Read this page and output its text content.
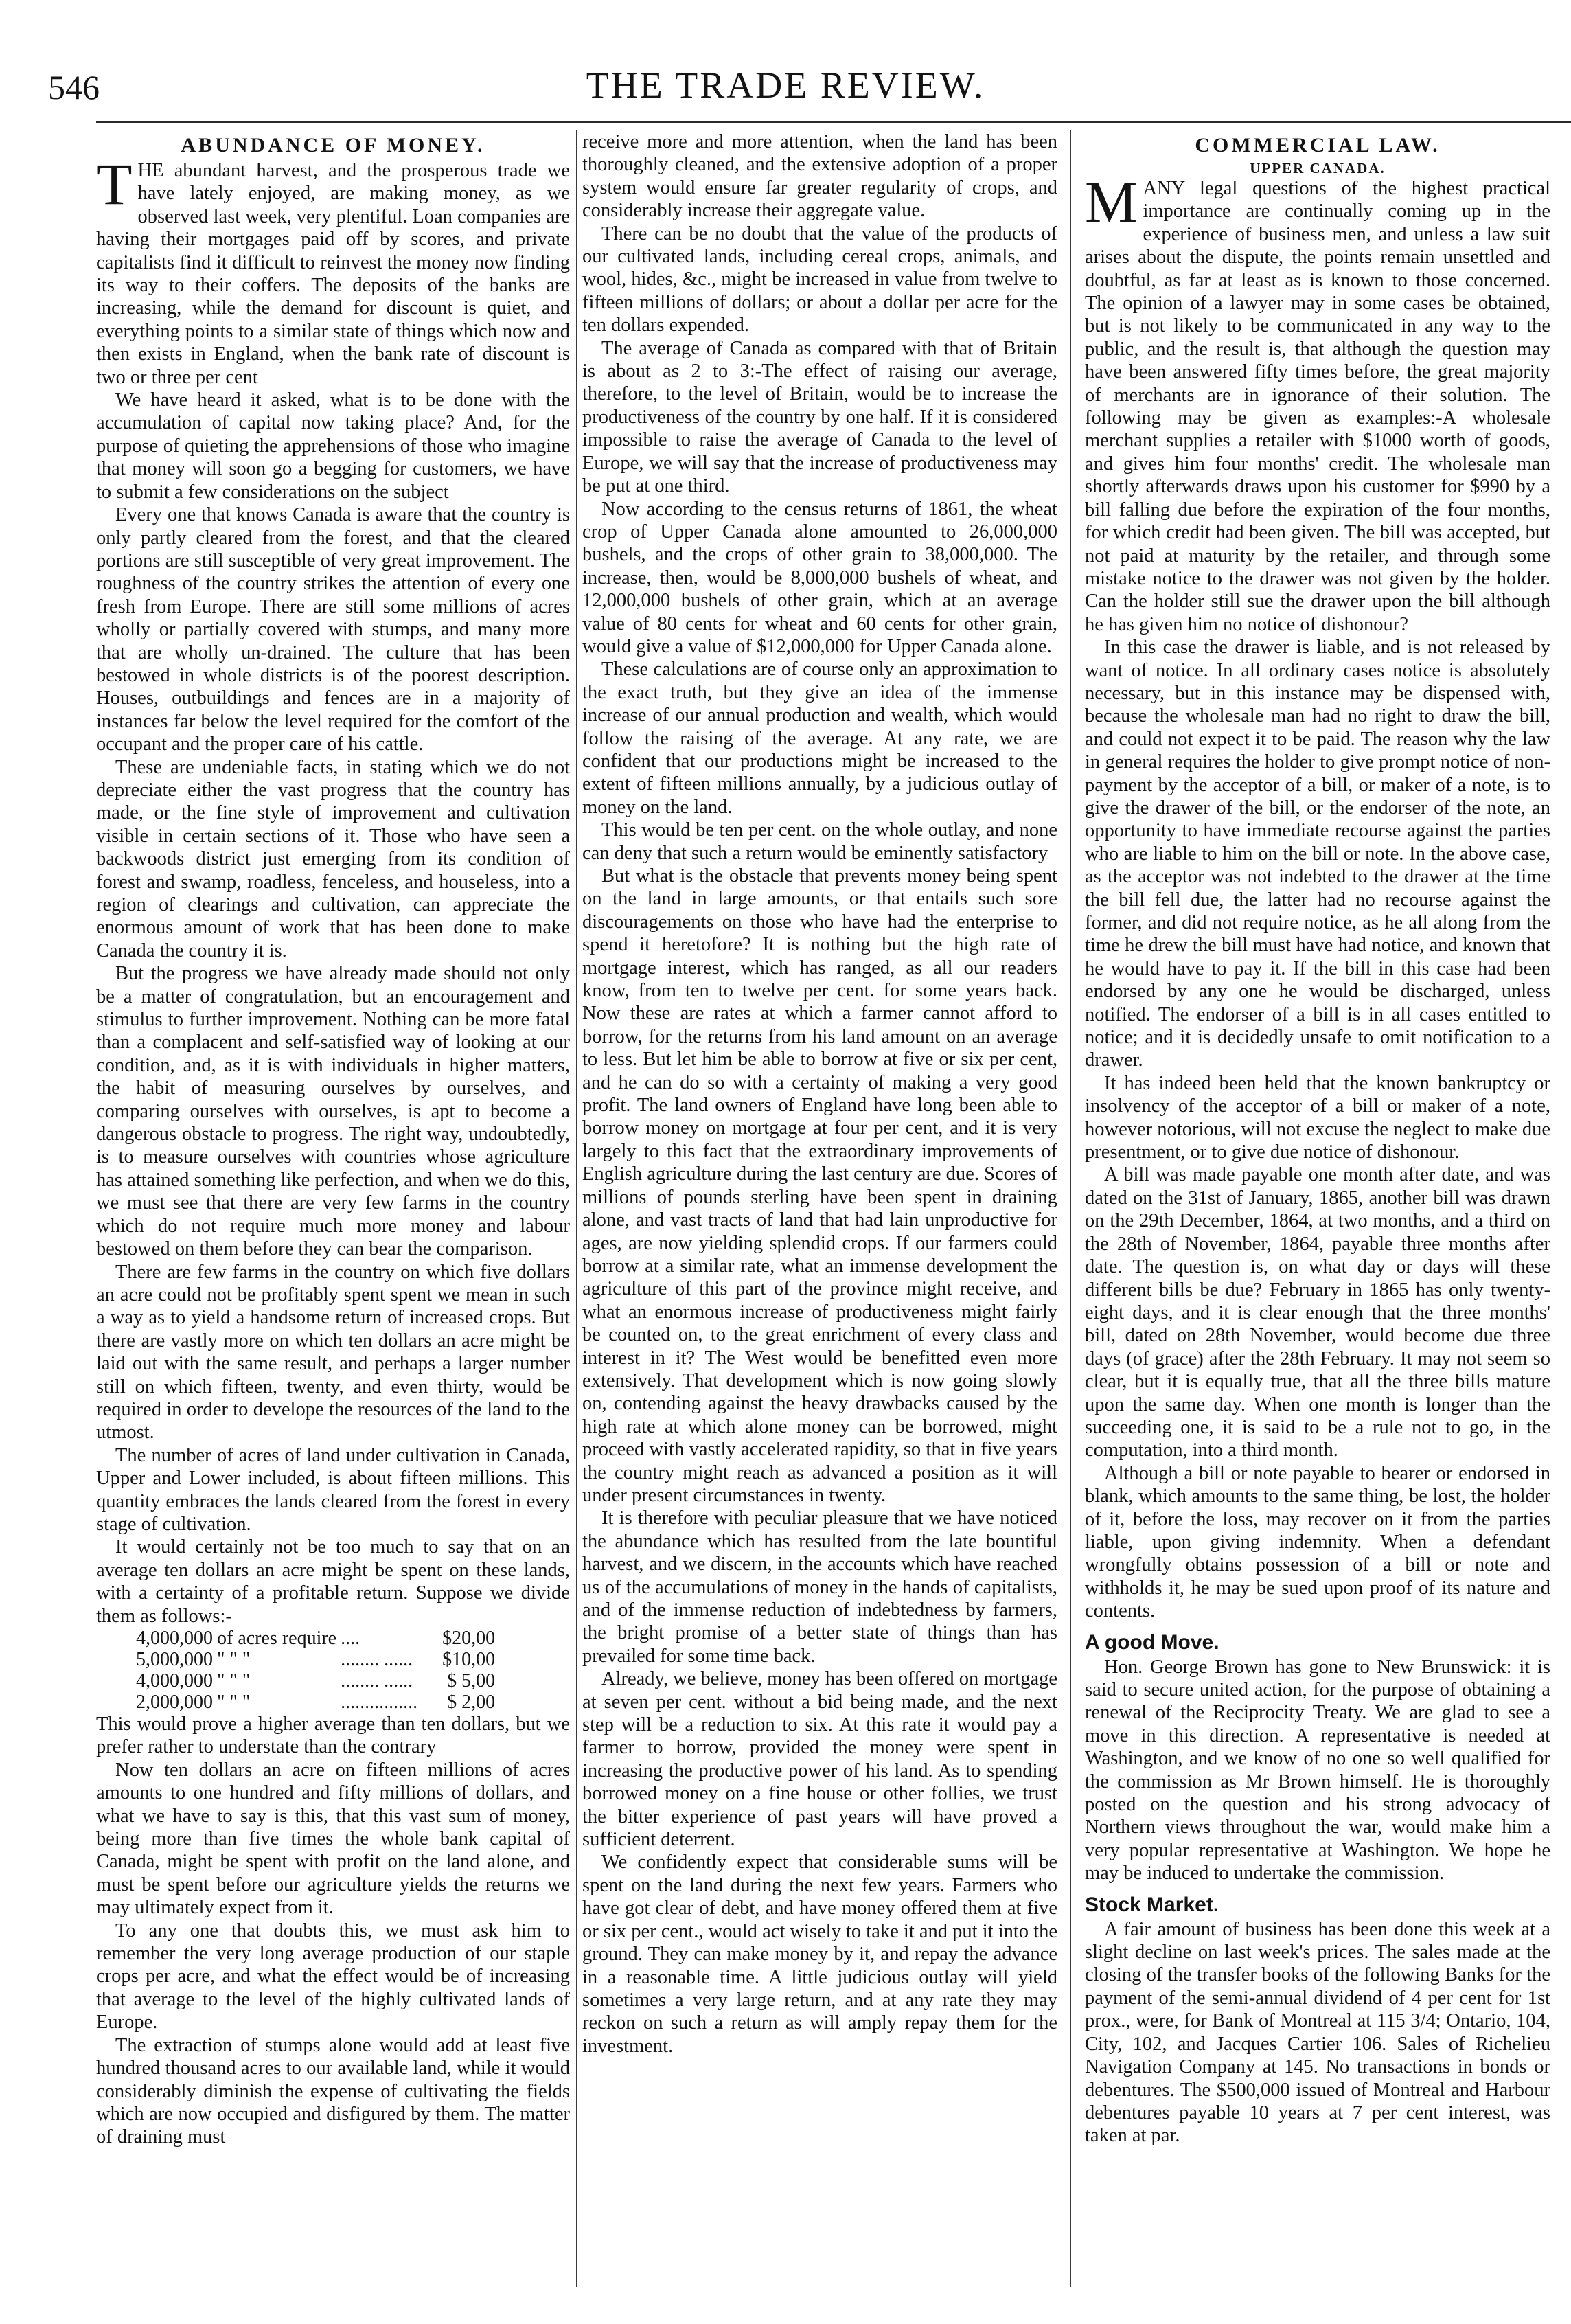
546	THE TRADE REVIEW.
ABUNDANCE OF MONEY.

THE abundant harvest, and the prosperous trade we have lately enjoyed, are making money, as we observed last week, very plentiful. Loan companies are having their mortgages paid off by scores, and private capitalists find it difficult to reinvest the money now finding its way to their coffers. The deposits of the banks are increasing, while the demand for discount is quiet, and everything points to a similar state of things which now and then exists in England, when the bank rate of discount is two or three per cent

We have heard it asked, what is to be done with the accumulation of capital now taking place? And, for the purpose of quieting the apprehensions of those who imagine that money will soon go a begging for customers, we have to submit a few considerations on the subject

Every one that knows Canada is aware that the country is only partly cleared from the forest, and that the cleared portions are still susceptible of very great improvement. The roughness of the country strikes the attention of every one fresh from Europe. There are still some millions of acres wholly or partially covered with stumps, and many more that are wholly un-drained. The culture that has been bestowed in whole districts is of the poorest description. Houses, outbuildings and fences are in a majority of instances far below the level required for the comfort of the occupant and the proper care of his cattle.

These are undeniable facts, in stating which we do not depreciate either the vast progress that the country has made, or the fine style of improvement and cultivation visible in certain sections of it. Those who have seen a backwoods district just emerging from its condition of forest and swamp, roadless, fenceless, and houseless, into a region of clearings and cultivation, can appreciate the enormous amount of work that has been done to make Canada the country it is.

But the progress we have already made should not only be a matter of congratulation, but an encouragement and stimulus to further improvement. Nothing can be more fatal than a complacent and self-satisfied way of looking at our condition, and, as it is with individuals in higher matters, the habit of measuring ourselves by ourselves, and comparing ourselves with ourselves, is apt to become a dangerous obstacle to progress. The right way, undoubtedly, is to measure ourselves with countries whose agriculture has attained something like perfection, and when we do this, we must see that there are very few farms in the country which do not require much more money and labour bestowed on them before they can bear the comparison.

There are few farms in the country on which five dollars an acre could not be profitably spent spent we mean in such a way as to yield a handsome return of increased crops. But there are vastly more on which ten dollars an acre might be laid out with the same result, and perhaps a larger number still on which fifteen, twenty, and even thirty, would be required in order to develope the resources of the land to the utmost.

The number of acres of land under cultivation in Canada, Upper and Lower included, is about fifteen millions. This quantity embraces the lands cleared from the forest in every stage of cultivation.

It would certainly not be too much to say that on an average ten dollars an acre might be spent on these lands, with a certainty of a profitable return. Suppose we divide them as follows:-

4,000,000	of acres require	....	$20,00
5,000,000	" " "	........ ......	$10,00
4,000,000	" " "	........ ......	$ 5,00
2,000,000	" " "	................	$ 2,00

This would prove a higher average than ten dollars, but we prefer rather to understate than the contrary

Now ten dollars an acre on fifteen millions of acres amounts to one hundred and fifty millions of dollars, and what we have to say is this, that this vast sum of money, being more than five times the whole bank capital of Canada, might be spent with profit on the land alone, and must be spent before our agriculture yields the returns we may ultimately expect from it.

To any one that doubts this, we must ask him to remember the very long average production of our staple crops per acre, and what the effect would be of increasing that average to the level of the highly cultivated lands of Europe.

The extraction of stumps alone would add at least five hundred thousand acres to our available land, while it would considerably diminish the expense of cultivating the fields which are now occupied and disfigured by them. The matter of draining must

receive more and more attention, when the land has been thoroughly cleaned, and the extensive adoption of a proper system would ensure far greater regularity of crops, and considerably increase their aggregate value.

There can be no doubt that the value of the products of our cultivated lands, including cereal crops, animals, and wool, hides, &c., might be increased in value from twelve to fifteen millions of dollars; or about a dollar per acre for the ten dollars expended.

The average of Canada as compared with that of Britain is about as 2 to 3:-The effect of raising our average, therefore, to the level of Britain, would be to increase the productiveness of the country by one half. If it is considered impossible to raise the average of Canada to the level of Europe, we will say that the increase of productiveness may be put at one third.

Now according to the census returns of 1861, the wheat crop of Upper Canada alone amounted to 26,000,000 bushels, and the crops of other grain to 38,000,000. The increase, then, would be 8,000,000 bushels of wheat, and 12,000,000 bushels of other grain, which at an average value of 80 cents for wheat and 60 cents for other grain, would give a value of $12,000,000 for Upper Canada alone.

These calculations are of course only an approximation to the exact truth, but they give an idea of the immense increase of our annual production and wealth, which would follow the raising of the average. At any rate, we are confident that our productions might be increased to the extent of fifteen millions annually, by a judicious outlay of money on the land.

This would be ten per cent. on the whole outlay, and none can deny that such a return would be eminently satisfactory

But what is the obstacle that prevents money being spent on the land in large amounts, or that entails such sore discouragements on those who have had the enterprise to spend it heretofore? It is nothing but the high rate of mortgage interest, which has ranged, as all our readers know, from ten to twelve per cent. for some years back. Now these are rates at which a farmer cannot afford to borrow, for the returns from his land amount on an average to less. But let him be able to borrow at five or six per cent, and he can do so with a certainty of making a very good profit. The land owners of England have long been able to borrow money on mortgage at four per cent, and it is very largely to this fact that the extraordinary improvements of English agriculture during the last century are due. Scores of millions of pounds sterling have been spent in draining alone, and vast tracts of land that had lain unproductive for ages, are now yielding splendid crops. If our farmers could borrow at a similar rate, what an immense development the agriculture of this part of the province might receive, and what an enormous increase of productiveness might fairly be counted on, to the great enrichment of every class and interest in it? The West would be benefitted even more extensively. That development which is now going slowly on, contending against the heavy drawbacks caused by the high rate at which alone money can be borrowed, might proceed with vastly accelerated rapidity, so that in five years the country might reach as advanced a position as it will under present circumstances in twenty.

It is therefore with peculiar pleasure that we have noticed the abundance which has resulted from the late bountiful harvest, and we discern, in the accounts which have reached us of the accumulations of money in the hands of capitalists, and of the immense reduction of indebtedness by farmers, the bright promise of a better state of things than has prevailed for some time back.

Already, we believe, money has been offered on mortgage at seven per cent. without a bid being made, and the next step will be a reduction to six. At this rate it would pay a farmer to borrow, provided the money were spent in increasing the productive power of his land. As to spending borrowed money on a fine house or other follies, we trust the bitter experience of past years will have proved a sufficient deterrent.

We confidently expect that considerable sums will be spent on the land during the next few years. Farmers who have got clear of debt, and have money offered them at five or six per cent., would act wisely to take it and put it into the ground. They can make money by it, and repay the advance in a reasonable time. A little judicious outlay will yield sometimes a very large return, and at any rate they may reckon on such a return as will amply repay them for the investment.

COMMERCIAL LAW.
UPPER CANADA.

MANY legal questions of the highest practical importance are continually coming up in the experience of business men, and unless a law suit arises about the dispute, the points remain unsettled and doubtful, as far at least as is known to those concerned. The opinion of a lawyer may in some cases be obtained, but is not likely to be communicated in any way to the public, and the result is, that although the question may have been answered fifty times before, the great majority of merchants are in ignorance of their solution. The following may be given as examples:-A wholesale merchant supplies a retailer with $1000 worth of goods, and gives him four months' credit. The wholesale man shortly afterwards draws upon his customer for $990 by a bill falling due before the expiration of the four months, for which credit had been given. The bill was accepted, but not paid at maturity by the retailer, and through some mistake notice to the drawer was not given by the holder. Can the holder still sue the drawer upon the bill although he has given him no notice of dishonour?

In this case the drawer is liable, and is not released by want of notice. In all ordinary cases notice is absolutely necessary, but in this instance may be dispensed with, because the wholesale man had no right to draw the bill, and could not expect it to be paid. The reason why the law in general requires the holder to give prompt notice of non-payment by the acceptor of a bill, or maker of a note, is to give the drawer of the bill, or the endorser of the note, an opportunity to have immediate recourse against the parties who are liable to him on the bill or note. In the above case, as the acceptor was not indebted to the drawer at the time the bill fell due, the latter had no recourse against the former, and did not require notice, as he all along from the time he drew the bill must have had notice, and known that he would have to pay it. If the bill in this case had been endorsed by any one he would be discharged, unless notified. The endorser of a bill is in all cases entitled to notice; and it is decidedly unsafe to omit notification to a drawer.

It has indeed been held that the known bankruptcy or insolvency of the acceptor of a bill or maker of a note, however notorious, will not excuse the neglect to make due presentment, or to give due notice of dishonour.

A bill was made payable one month after date, and was dated on the 31st of January, 1865, another bill was drawn on the 29th December, 1864, at two months, and a third on the 28th of November, 1864, payable three months after date. The question is, on what day or days will these different bills be due? February in 1865 has only twenty-eight days, and it is clear enough that the three months' bill, dated on 28th November, would become due three days (of grace) after the 28th February. It may not seem so clear, but it is equally true, that all the three bills mature upon the same day. When one month is longer than the succeeding one, it is said to be a rule not to go, in the computation, into a third month.

Although a bill or note payable to bearer or endorsed in blank, which amounts to the same thing, be lost, the holder of it, before the loss, may recover on it from the parties liable, upon giving indemnity. When a defendant wrongfully obtains possession of a bill or note and withholds it, he may be sued upon proof of its nature and contents.

A good Move.

Hon. George Brown has gone to New Brunswick: it is said to secure united action, for the purpose of obtaining a renewal of the Reciprocity Treaty. We are glad to see a move in this direction. A representative is needed at Washington, and we know of no one so well qualified for the commission as Mr Brown himself. He is thoroughly posted on the question and his strong advocacy of Northern views throughout the war, would make him a very popular representative at Washington. We hope he may be induced to undertake the commission.

Stock Market.

A fair amount of business has been done this week at a slight decline on last week's prices. The sales made at the closing of the transfer books of the following Banks for the payment of the semi-annual dividend of 4 per cent for 1st prox., were, for Bank of Montreal at 115 3/4; Ontario, 104, City, 102, and Jacques Cartier 106. Sales of Richelieu Navigation Company at 145. No transactions in bonds or debentures. The $500,000 issued of Montreal and Harbour debentures payable 10 years at 7 per cent interest, was taken at par.
